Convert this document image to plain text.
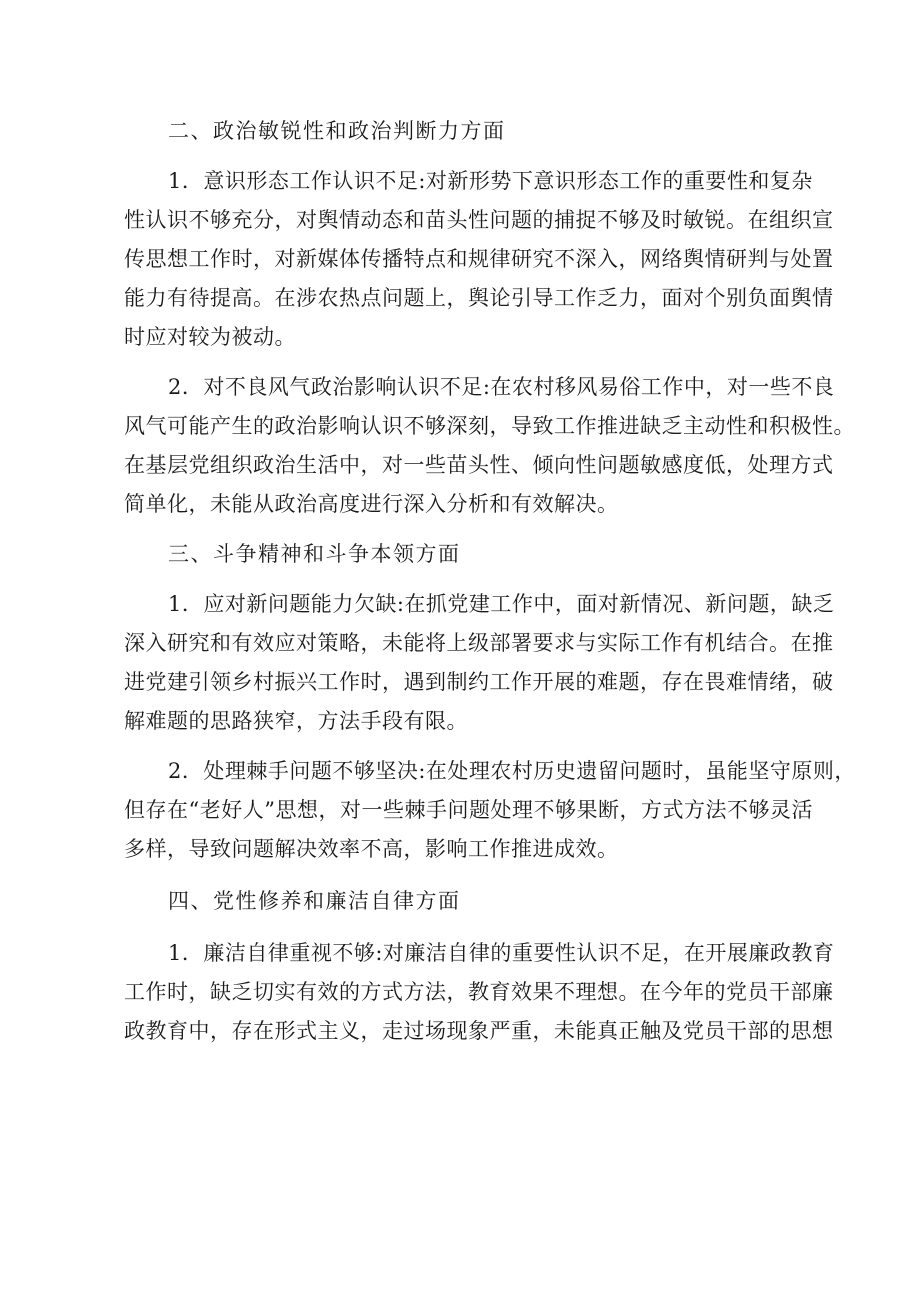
二、政治敏锐性和政治判断力方面

1．意识形态工作认识不足:对新形势下意识形态工作的重要性和复杂
性认识不够充分，对舆情动态和苗头性问题的捕捉不够及时敏锐。在组织宣
传思想工作时，对新媒体传播特点和规律研究不深入，网络舆情研判与处置
能力有待提高。在涉农热点问题上，舆论引导工作乏力，面对个别负面舆情
时应对较为被动。

2．对不良风气政治影响认识不足:在农村移风易俗工作中，对一些不良
风气可能产生的政治影响认识不够深刻，导致工作推进缺乏主动性和积极性。
在基层党组织政治生活中，对一些苗头性、倾向性问题敏感度低，处理方式
简单化，未能从政治高度进行深入分析和有效解决。

三、斗争精神和斗争本领方面

1．应对新问题能力欠缺:在抓党建工作中，面对新情况、新问题，缺乏
深入研究和有效应对策略，未能将上级部署要求与实际工作有机结合。在推
进党建引领乡村振兴工作时，遇到制约工作开展的难题，存在畏难情绪，破
解难题的思路狭窄，方法手段有限。

2．处理棘手问题不够坚决:在处理农村历史遗留问题时，虽能坚守原则，
但存在“老好人”思想，对一些棘手问题处理不够果断，方式方法不够灵活
多样，导致问题解决效率不高，影响工作推进成效。

四、党性修养和廉洁自律方面

1．廉洁自律重视不够:对廉洁自律的重要性认识不足，在开展廉政教育
工作时，缺乏切实有效的方式方法，教育效果不理想。在今年的党员干部廉
政教育中，存在形式主义，走过场现象严重，未能真正触及党员干部的思想
